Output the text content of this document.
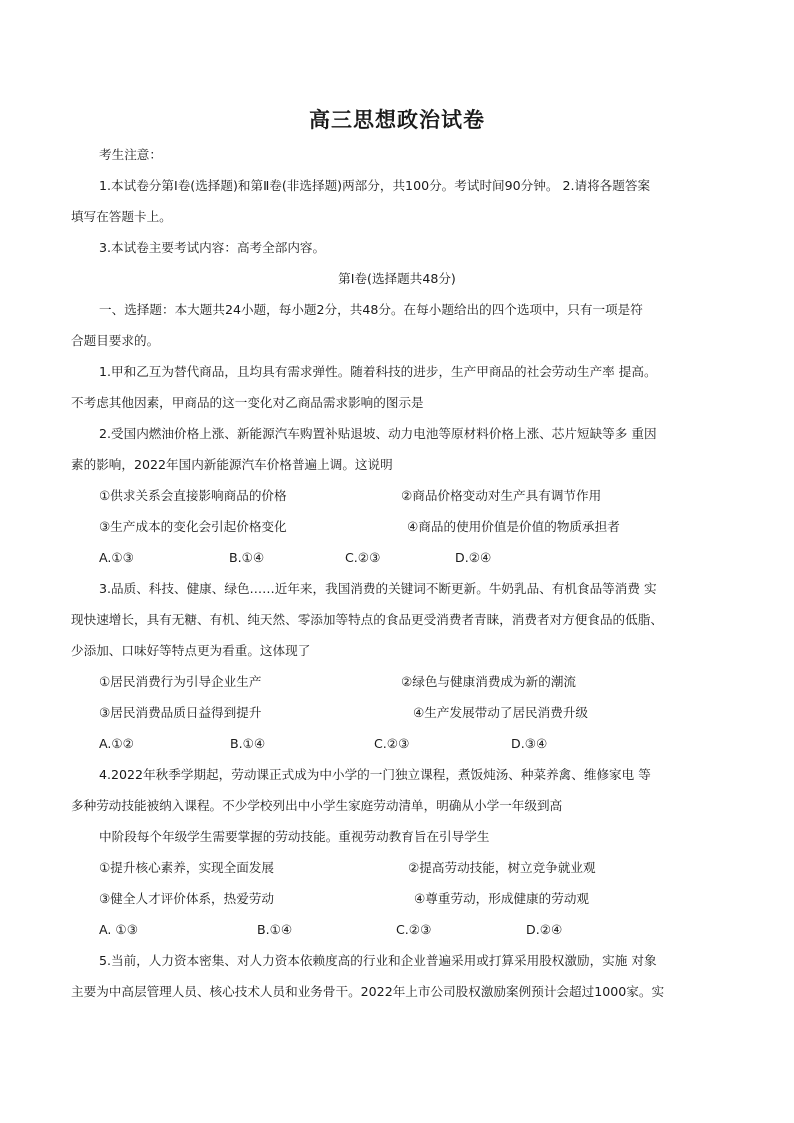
高三思想政治试卷
考生注意：
1.本试卷分第Ⅰ卷(选择题)和第Ⅱ卷(非选择题)两部分，共100分。考试时间90分钟。 2.请将各题答案
填写在答题卡上。
3.本试卷主要考试内容：高考全部内容。
第Ⅰ卷(选择题共48分)
一、选择题：本大题共24小题，每小题2分，共48分。在每小题给出的四个选项中，只有一项是符
合题目要求的。
1.甲和乙互为替代商品，且均具有需求弹性。随着科技的进步，生产甲商品的社会劳动生产率 提高。
不考虑其他因素，甲商品的这一变化对乙商品需求影响的图示是
2.受国内燃油价格上涨、新能源汽车购置补贴退坡、动力电池等原材料价格上涨、芯片短缺等多 重因
素的影响，2022年国内新能源汽车价格普遍上调。这说明
①供求关系会直接影响商品的价格	②商品价格变动对生产具有调节作用
③生产成本的变化会引起价格变化	④商品的使用价值是价值的物质承担者
A.①③	B.①④	C.②③	D.②④
3.品质、科技、健康、绿色……近年来，我国消费的关键词不断更新。牛奶乳品、有机食品等消费 实
现快速增长，具有无糖、有机、纯天然、零添加等特点的食品更受消费者青睐，消费者对方便食品的低脂、
少添加、口味好等特点更为看重。这体现了
①居民消费行为引导企业生产	②绿色与健康消费成为新的潮流
③居民消费品质日益得到提升	④生产发展带动了居民消费升级
A.①②	B.①④	C.②③	D.③④
4.2022年秋季学期起，劳动课正式成为中小学的一门独立课程，煮饭炖汤、种菜养禽、维修家电 等
多种劳动技能被纳入课程。不少学校列出中小学生家庭劳动清单，明确从小学一年级到高
中阶段每个年级学生需要掌握的劳动技能。重视劳动教育旨在引导学生
①提升核心素养，实现全面发展	②提高劳动技能，树立竞争就业观
③健全人才评价体系，热爱劳动	④尊重劳动，形成健康的劳动观
A. ①③	B.①④	C.②③	D.②④
5.当前，人力资本密集、对人力资本依赖度高的行业和企业普遍采用或打算采用股权激励，实施 对象
主要为中高层管理人员、核心技术人员和业务骨干。2022年上市公司股权激励案例预计会超过1000家。实
